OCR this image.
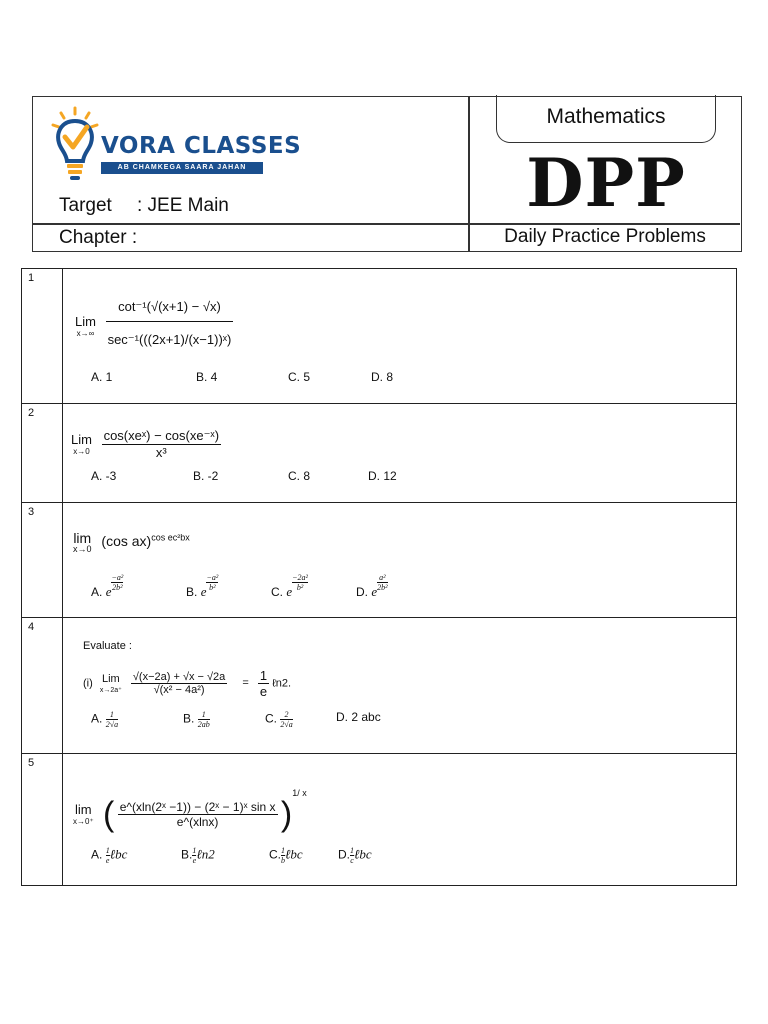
VORA CLASSES
AB CHAMKEGA SAARA JAHAN
Target : JEE Main
Chapter :
Mathematics
DPP
Daily Practice Problems
1
Lim
x→∞
$\frac{\text{cot⁻¹(√(x+1) − √x)}}{\text{sec⁻¹(((2x+1)/(x−1))ˣ)}}$
A. 1	B. 4	C. 5	D. 8
2
Lim
x→0
$\frac{\text{cos(xeˣ) − cos(xe⁻ˣ)}}{\text{x³}}$
A. -3	B. -2	C. 8	D. 12
3
lim
x→0 (cos ax)$^{cos ec^2bx}$
A. e $\frac{\text{−a²}}{\text{2b²}}$	B. e $\frac{\text{−a²}}{\text{b²}}$	C. e $\frac{\text{−2a²}}{\text{b²}}$	D. e $\frac{\text{a²}}{\text{2b²}}$
4
Evaluate :
(i) Lim
x→2a⁺
$\frac{√(x-2a) + √x - √2a}{\text{√(x² − 4a²)}} = \frac{1}{e}$ ℓn2.
A. $\frac{1}{2√a}$	B. $\frac{1}{2ab}$	C. $\frac{2}{2√a}$	D. 2 abc
5
lim
x→0⁺ ( $\frac{\text{e\textasciicircum{}(xln(2ˣ −1)) − (2ˣ − 1)ˣ sin x}}{e\^{}(xlnx)} )^{1/ x}$
A. $\frac{1}{e}$ ℓbc	B. $\frac{1}{e}$ ℓn2	C. $\frac{1}{b}$ ℓbc	D. $\frac{1}{c}$ ℓbc
